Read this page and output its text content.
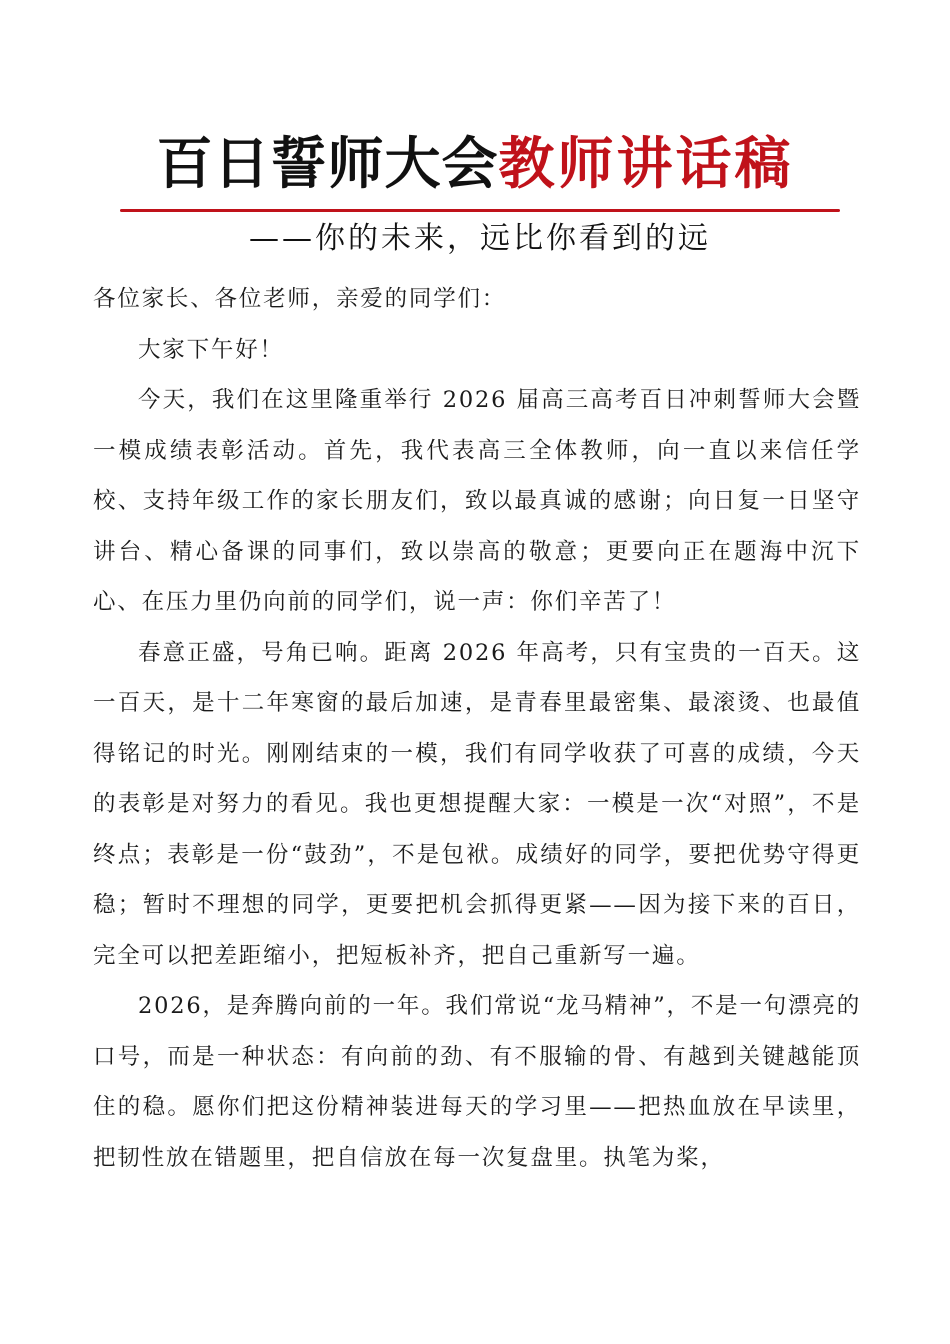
百日誓师大会教师讲话稿
——你的未来，远比你看到的远

各位家长、各位老师，亲爱的同学们：

大家下午好！

今天，我们在这里隆重举行 2026 届高三高考百日冲刺誓师大会暨一模成绩表彰活动。首先，我代表高三全体教师，向一直以来信任学校、支持年级工作的家长朋友们，致以最真诚的感谢；向日复一日坚守讲台、精心备课的同事们，致以崇高的敬意；更要向正在题海中沉下心、在压力里仍向前的同学们，说一声：你们辛苦了！

春意正盛，号角已响。距离 2026 年高考，只有宝贵的一百天。这一百天，是十二年寒窗的最后加速，是青春里最密集、最滚烫、也最值得铭记的时光。刚刚结束的一模，我们有同学收获了可喜的成绩，今天的表彰是对努力的看见。我也更想提醒大家：一模是一次“对照”，不是终点；表彰是一份“鼓劲”，不是包袱。成绩好的同学，要把优势守得更稳；暂时不理想的同学，更要把机会抓得更紧——因为接下来的百日，完全可以把差距缩小，把短板补齐，把自己重新写一遍。

2026，是奔腾向前的一年。我们常说“龙马精神”，不是一句漂亮的口号，而是一种状态：有向前的劲、有不服输的骨、有越到关键越能顶住的稳。愿你们把这份精神装进每天的学习里——把热血放在早读里，把韧性放在错题里，把自信放在每一次复盘里。执笔为桨，
